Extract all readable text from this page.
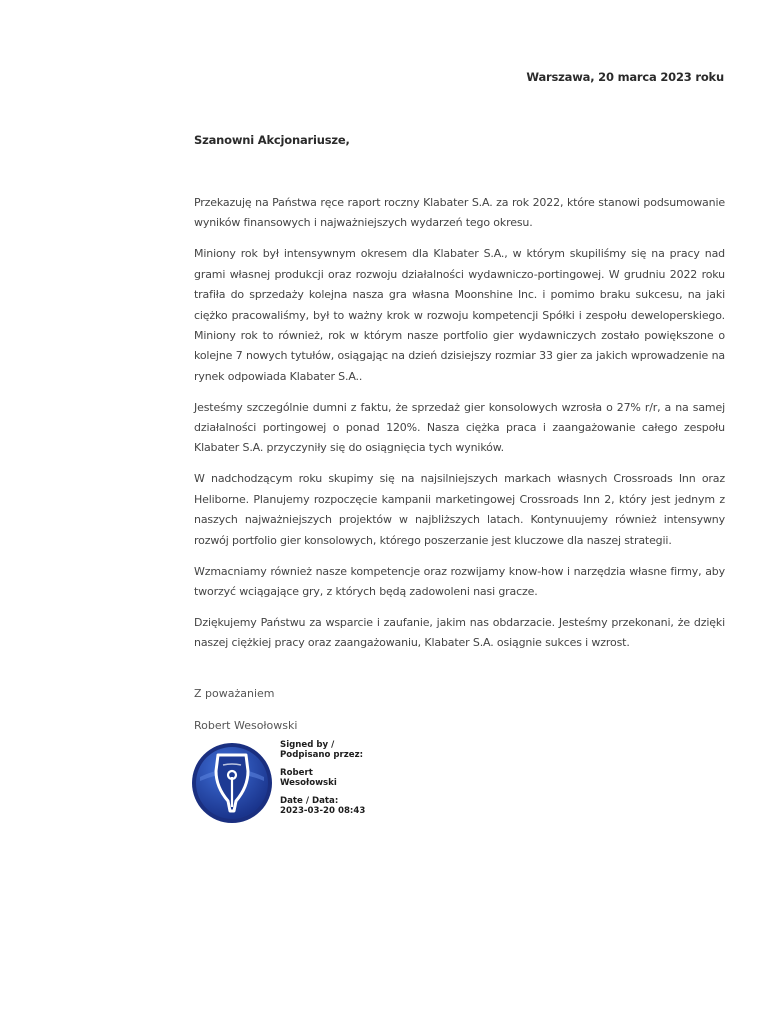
Warszawa, 20 marca 2023 roku
Szanowni Akcjonariusze,

Przekazuję na Państwa ręce raport roczny Klabater S.A. za rok 2022, które stanowi podsumowanie wyników finansowych i najważniejszych wydarzeń tego okresu.

Miniony rok był intensywnym okresem dla Klabater S.A., w którym skupiliśmy się na pracy nad grami własnej produkcji oraz rozwoju działalności wydawniczo-portingowej. W grudniu 2022 roku trafiła do sprzedaży kolejna nasza gra własna Moonshine Inc. i pomimo braku sukcesu, na jaki ciężko pracowaliśmy, był to ważny krok w rozwoju kompetencji Spółki i zespołu deweloperskiego. Miniony rok to również, rok w którym nasze portfolio gier wydawniczych zostało powiększone o kolejne 7 nowych tytułów, osiągając na dzień dzisiejszy rozmiar 33 gier za jakich wprowadzenie na rynek odpowiada Klabater S.A..

Jesteśmy szczególnie dumni z faktu, że sprzedaż gier konsolowych wzrosła o 27% r/r, a na samej działalności portingowej o ponad 120%. Nasza ciężka praca i zaangażowanie całego zespołu Klabater S.A. przyczyniły się do osiągnięcia tych wyników.

W nadchodzącym roku skupimy się na najsilniejszych markach własnych Crossroads Inn oraz Heliborne. Planujemy rozpoczęcie kampanii marketingowej Crossroads Inn 2, który jest jednym z naszych najważniejszych projektów w najbliższych latach. Kontynuujemy również intensywny rozwój portfolio gier konsolowych, którego poszerzanie jest kluczowe dla naszej strategii.

Wzmacniamy również nasze kompetencje oraz rozwijamy know-how i narzędzia własne firmy, aby tworzyć wciągające gry, z których będą zadowoleni nasi gracze.

Dziękujemy Państwu za wsparcie i zaufanie, jakim nas obdarzacie. Jesteśmy przekonani, że dzięki naszej ciężkiej pracy oraz zaangażowaniu, Klabater S.A. osiągnie sukces i wzrost.

Z poważaniem
Robert Wesołowski
Signed by /
Podpisano przez:
Robert
Wesołowski
Date / Data:
2023-03-20 08:43
